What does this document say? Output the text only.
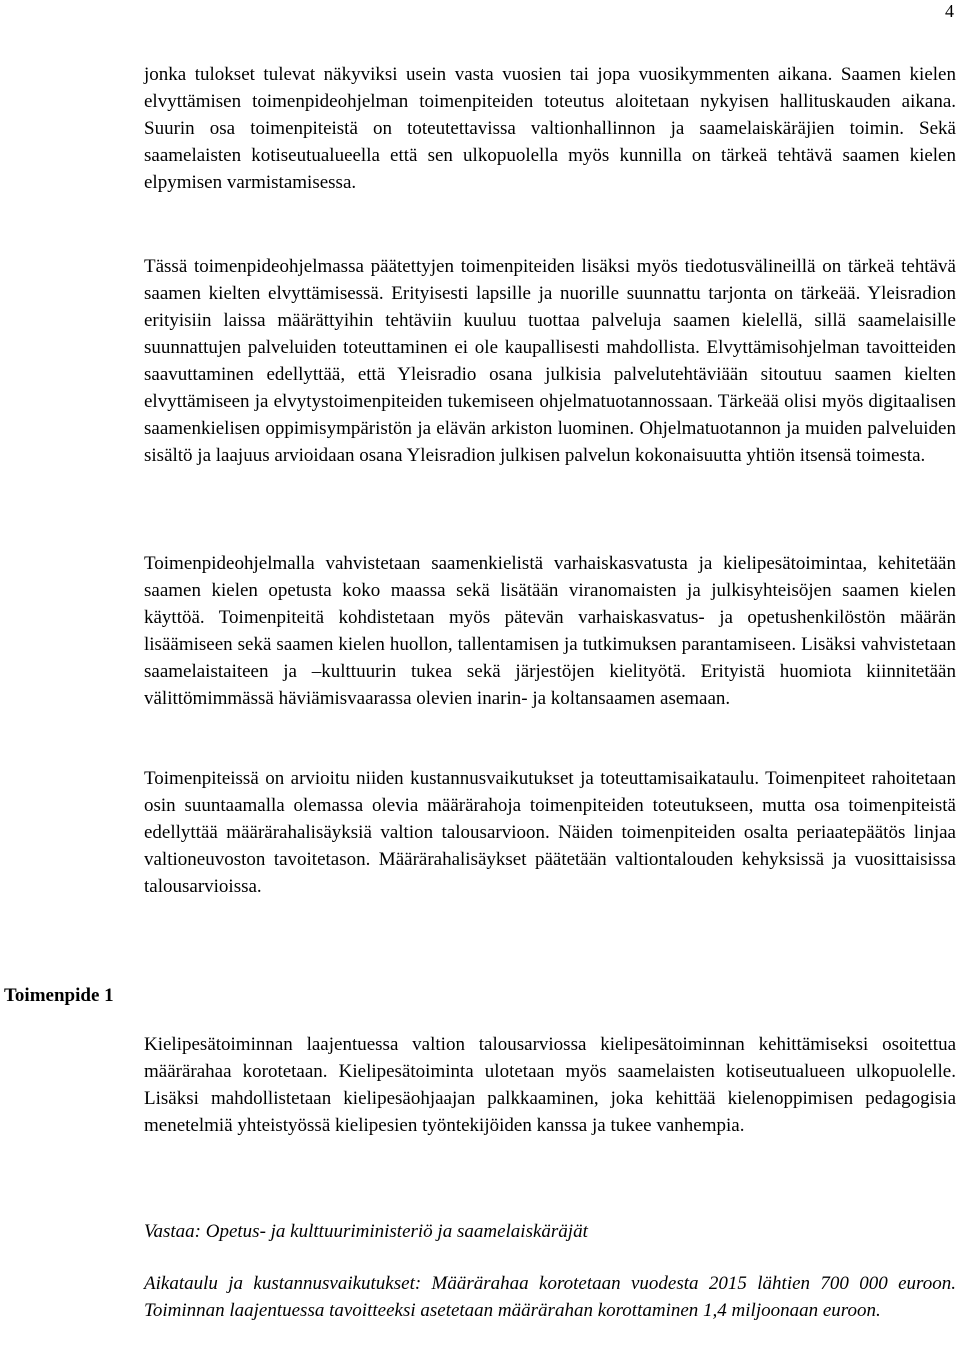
4

jonka tulokset tulevat näkyviksi usein vasta vuosien tai jopa vuosikymmenten aikana. Saamen kielen elvyttämisen toimenpideohjelman toimenpiteiden toteutus aloitetaan nykyisen hallituskauden aikana. Suurin osa toimenpiteistä on toteutettavissa valtionhallinnon ja saamelaiskäräjien toimin. Sekä saamelaisten kotiseutualueella että sen ulkopuolella myös kunnilla on tärkeä tehtävä saamen kielen elpymisen varmistamisessa.

Tässä toimenpideohjelmassa päätettyjen toimenpiteiden lisäksi myös tiedotusvälineillä on tärkeä tehtävä saamen kielten elvyttämisessä. Erityisesti lapsille ja nuorille suunnattu tarjonta on tärkeää. Yleisradion erityisiin laissa määrättyihin tehtäviin kuuluu tuottaa palveluja saamen kielellä, sillä saamelaisille suunnattujen palveluiden toteuttaminen ei ole kaupallisesti mahdollista. Elvyttämisohjelman tavoitteiden saavuttaminen edellyttää, että Yleisradio osana julkisia palvelutehtäviään sitoutuu saamen kielten elvyttämiseen ja elvytystoimenpiteiden tukemiseen ohjelmatuotannossaan. Tärkeää olisi myös digitaalisen saamenkielisen oppimisympäristön ja elävän arkiston luominen. Ohjelmatuotannon ja muiden palveluiden sisältö ja laajuus arvioidaan osana Yleisradion julkisen palvelun kokonaisuutta yhtiön itsensä toimesta.

Toimenpideohjelmalla vahvistetaan saamenkielistä varhaiskasvatusta ja kielipesätoimintaa, kehitetään saamen kielen opetusta koko maassa sekä lisätään viranomaisten ja julkisyhteisöjen saamen kielen käyttöä. Toimenpiteitä kohdistetaan myös pätevän varhaiskasvatus- ja opetushenkilöstön määrän lisäämiseen sekä saamen kielen huollon, tallentamisen ja tutkimuksen parantamiseen. Lisäksi vahvistetaan saamelaistaiteen ja –kulttuurin tukea sekä järjestöjen kielityötä. Erityistä huomiota kiinnitetään välittömimmässä häviämisvaarassa olevien inarin- ja koltansaamen asemaan.

Toimenpiteissä on arvioitu niiden kustannusvaikutukset ja toteuttamisaikataulu. Toimenpiteet rahoitetaan osin suuntaamalla olemassa olevia määrärahoja toimenpiteiden toteutukseen, mutta osa toimenpiteistä edellyttää määrärahalisäyksiä valtion talousarvioon. Näiden toimenpiteiden osalta periaatepäätös linjaa valtioneuvoston tavoitetason. Määrärahalisäykset päätetään valtiontalouden kehyksissä ja vuosittaisissa talousarvioissa.

Toimenpide 1

Kielipesätoiminnan laajentuessa valtion talousarviossa kielipesätoiminnan kehittämiseksi osoitettua määrärahaa korotetaan. Kielipesätoiminta ulotetaan myös saamelaisten kotiseutualueen ulkopuolelle. Lisäksi mahdollistetaan kielipesäohjaajan palkkaaminen, joka kehittää kielenoppimisen pedagogisia menetelmiä yhteistyössä kielipesien työntekijöiden kanssa ja tukee vanhempia.

Vastaa: Opetus- ja kulttuuriministeriö ja saamelaiskäräjät

Aikataulu ja kustannusvaikutukset: Määrärahaa korotetaan vuodesta 2015 lähtien 700 000 euroon. Toiminnan laajentuessa tavoitteeksi asetetaan määrärahan korottaminen 1,4 miljoonaan euroon.
